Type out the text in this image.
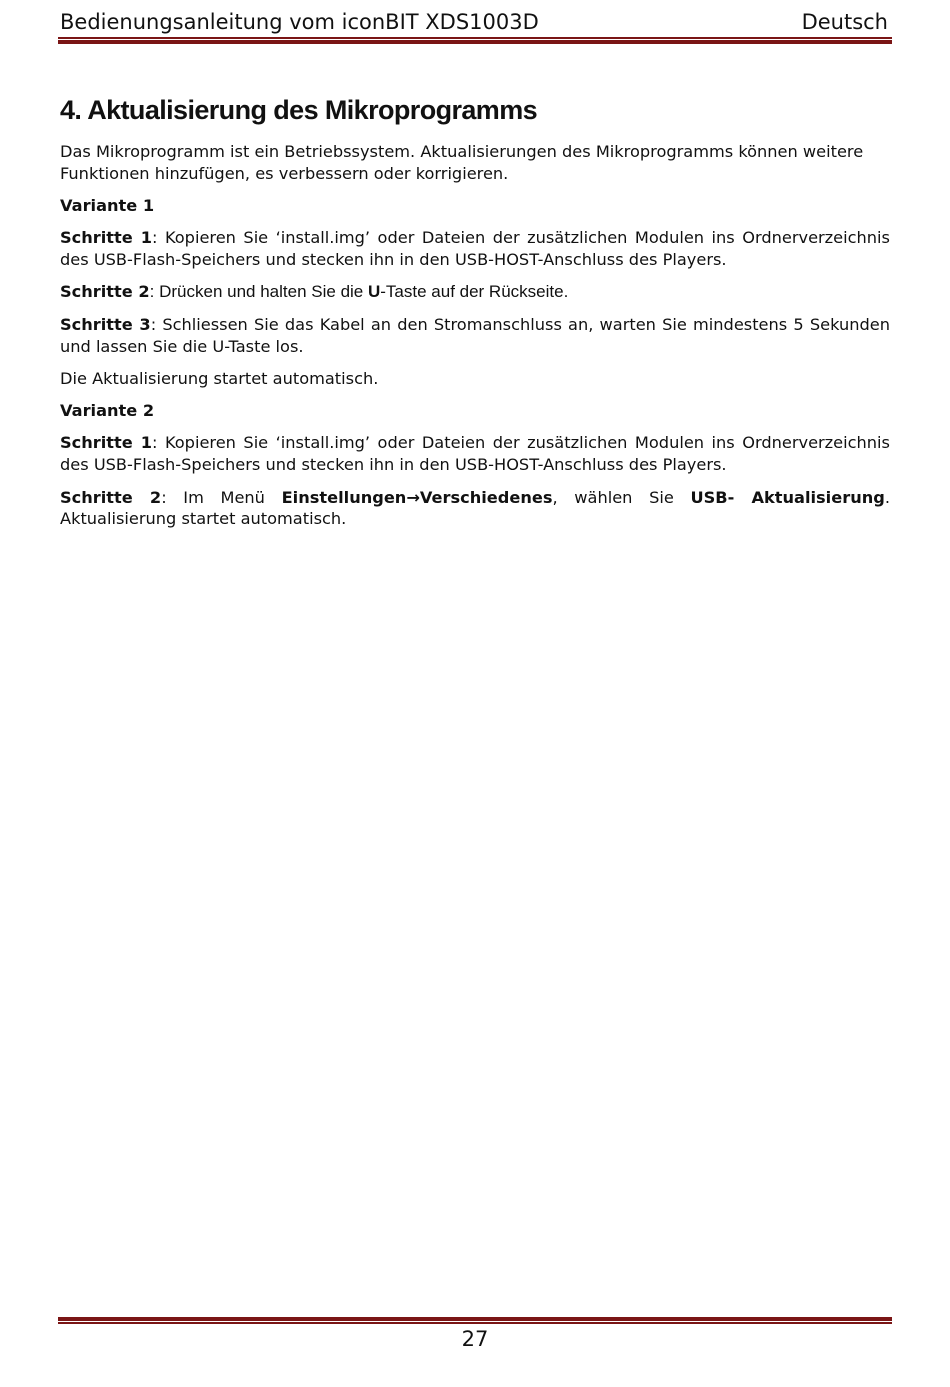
Bedienungsanleitung vom iconBIT XDS1003D	Deutsch
4. Aktualisierung des Mikroprogramms

Das Mikroprogramm ist ein Betriebssystem. Aktualisierungen des Mikroprogramms können weitere Funktionen hinzufügen, es verbessern oder korrigieren.

Variante 1

Schritte 1: Kopieren Sie ‘install.img’ oder Dateien der zusätzlichen Modulen ins Ordnerverzeichnis des USB-Flash-Speichers und stecken ihn in den USB-HOST-Anschluss des Players.

Schritte 2: Drücken und halten Sie die U-Taste auf der Rückseite.

Schritte 3: Schliessen Sie das Kabel an den Stromanschluss an, warten Sie mindestens 5 Sekunden und lassen Sie die U-Taste los.

Die Aktualisierung startet automatisch.

Variante 2

Schritte 1: Kopieren Sie ‘install.img’ oder Dateien der zusätzlichen Modulen ins Ordnerverzeichnis des USB-Flash-Speichers und stecken ihn in den USB-HOST-Anschluss des Players.

Schritte 2: Im Menü Einstellungen→Verschiedenes, wählen Sie USB- Aktualisierung. Aktualisierung startet automatisch.

27
